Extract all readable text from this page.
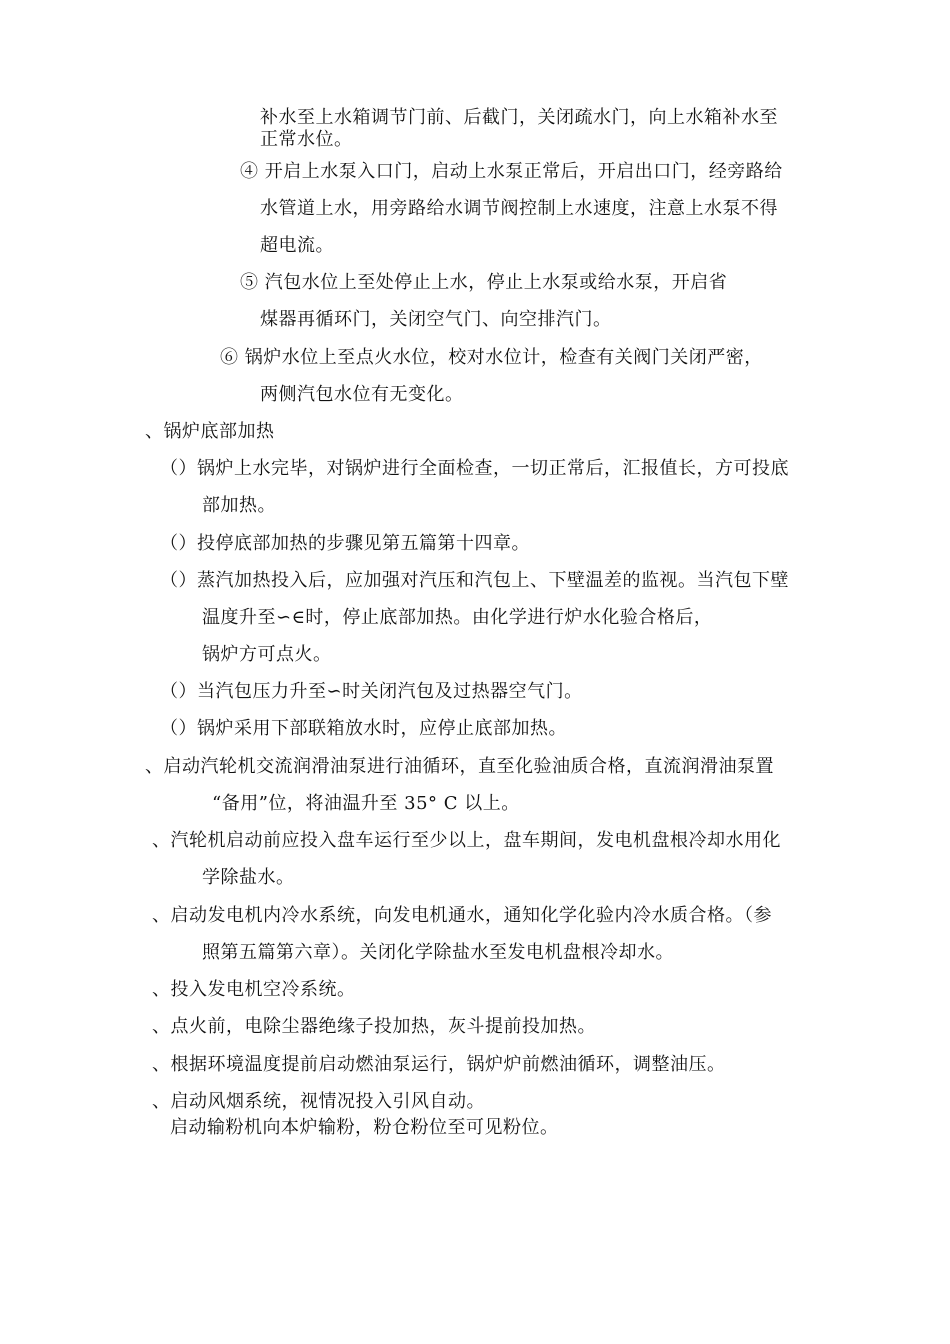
补水至上水箱调节门前、后截门，关闭疏水门，向上水箱补水至
正常水位。
④ 开启上水泵入口门，启动上水泵正常后，开启出口门，经旁路给
水管道上水，用旁路给水调节阀控制上水速度，注意上水泵不得
超电流。
⑤ 汽包水位上至处停止上水，停止上水泵或给水泵，开启省
煤器再循环门，关闭空气门、向空排汽门。
⑥ 锅炉水位上至点火水位，校对水位计，检查有关阀门关闭严密，
两侧汽包水位有无变化。
、锅炉底部加热
（）锅炉上水完毕，对锅炉进行全面检查，一切正常后，汇报值长，方可投底
部加热。
（）投停底部加热的步骤见第五篇第十四章。
（）蒸汽加热投入后，应加强对汽压和汽包上、下壁温差的监视。当汽包下壁
温度升至∽∈时，停止底部加热。由化学进行炉水化验合格后，
锅炉方可点火。
（）当汽包压力升至∽时关闭汽包及过热器空气门。
（）锅炉采用下部联箱放水时，应停止底部加热。
、启动汽轮机交流润滑油泵进行油循环，直至化验油质合格，直流润滑油泵置
“备用”位，将油温升至 35° C 以上。
、汽轮机启动前应投入盘车运行至少以上，盘车期间，发电机盘根冷却水用化
学除盐水。
、启动发电机内冷水系统，向发电机通水，通知化学化验内冷水质合格。（参
照第五篇第六章）。关闭化学除盐水至发电机盘根冷却水。
、投入发电机空冷系统。
、点火前，电除尘器绝缘子投加热，灰斗提前投加热。
、根据环境温度提前启动燃油泵运行，锅炉炉前燃油循环，调整油压。
、启动风烟系统，视情况投入引风自动。
启动输粉机向本炉输粉，粉仓粉位至可见粉位。
